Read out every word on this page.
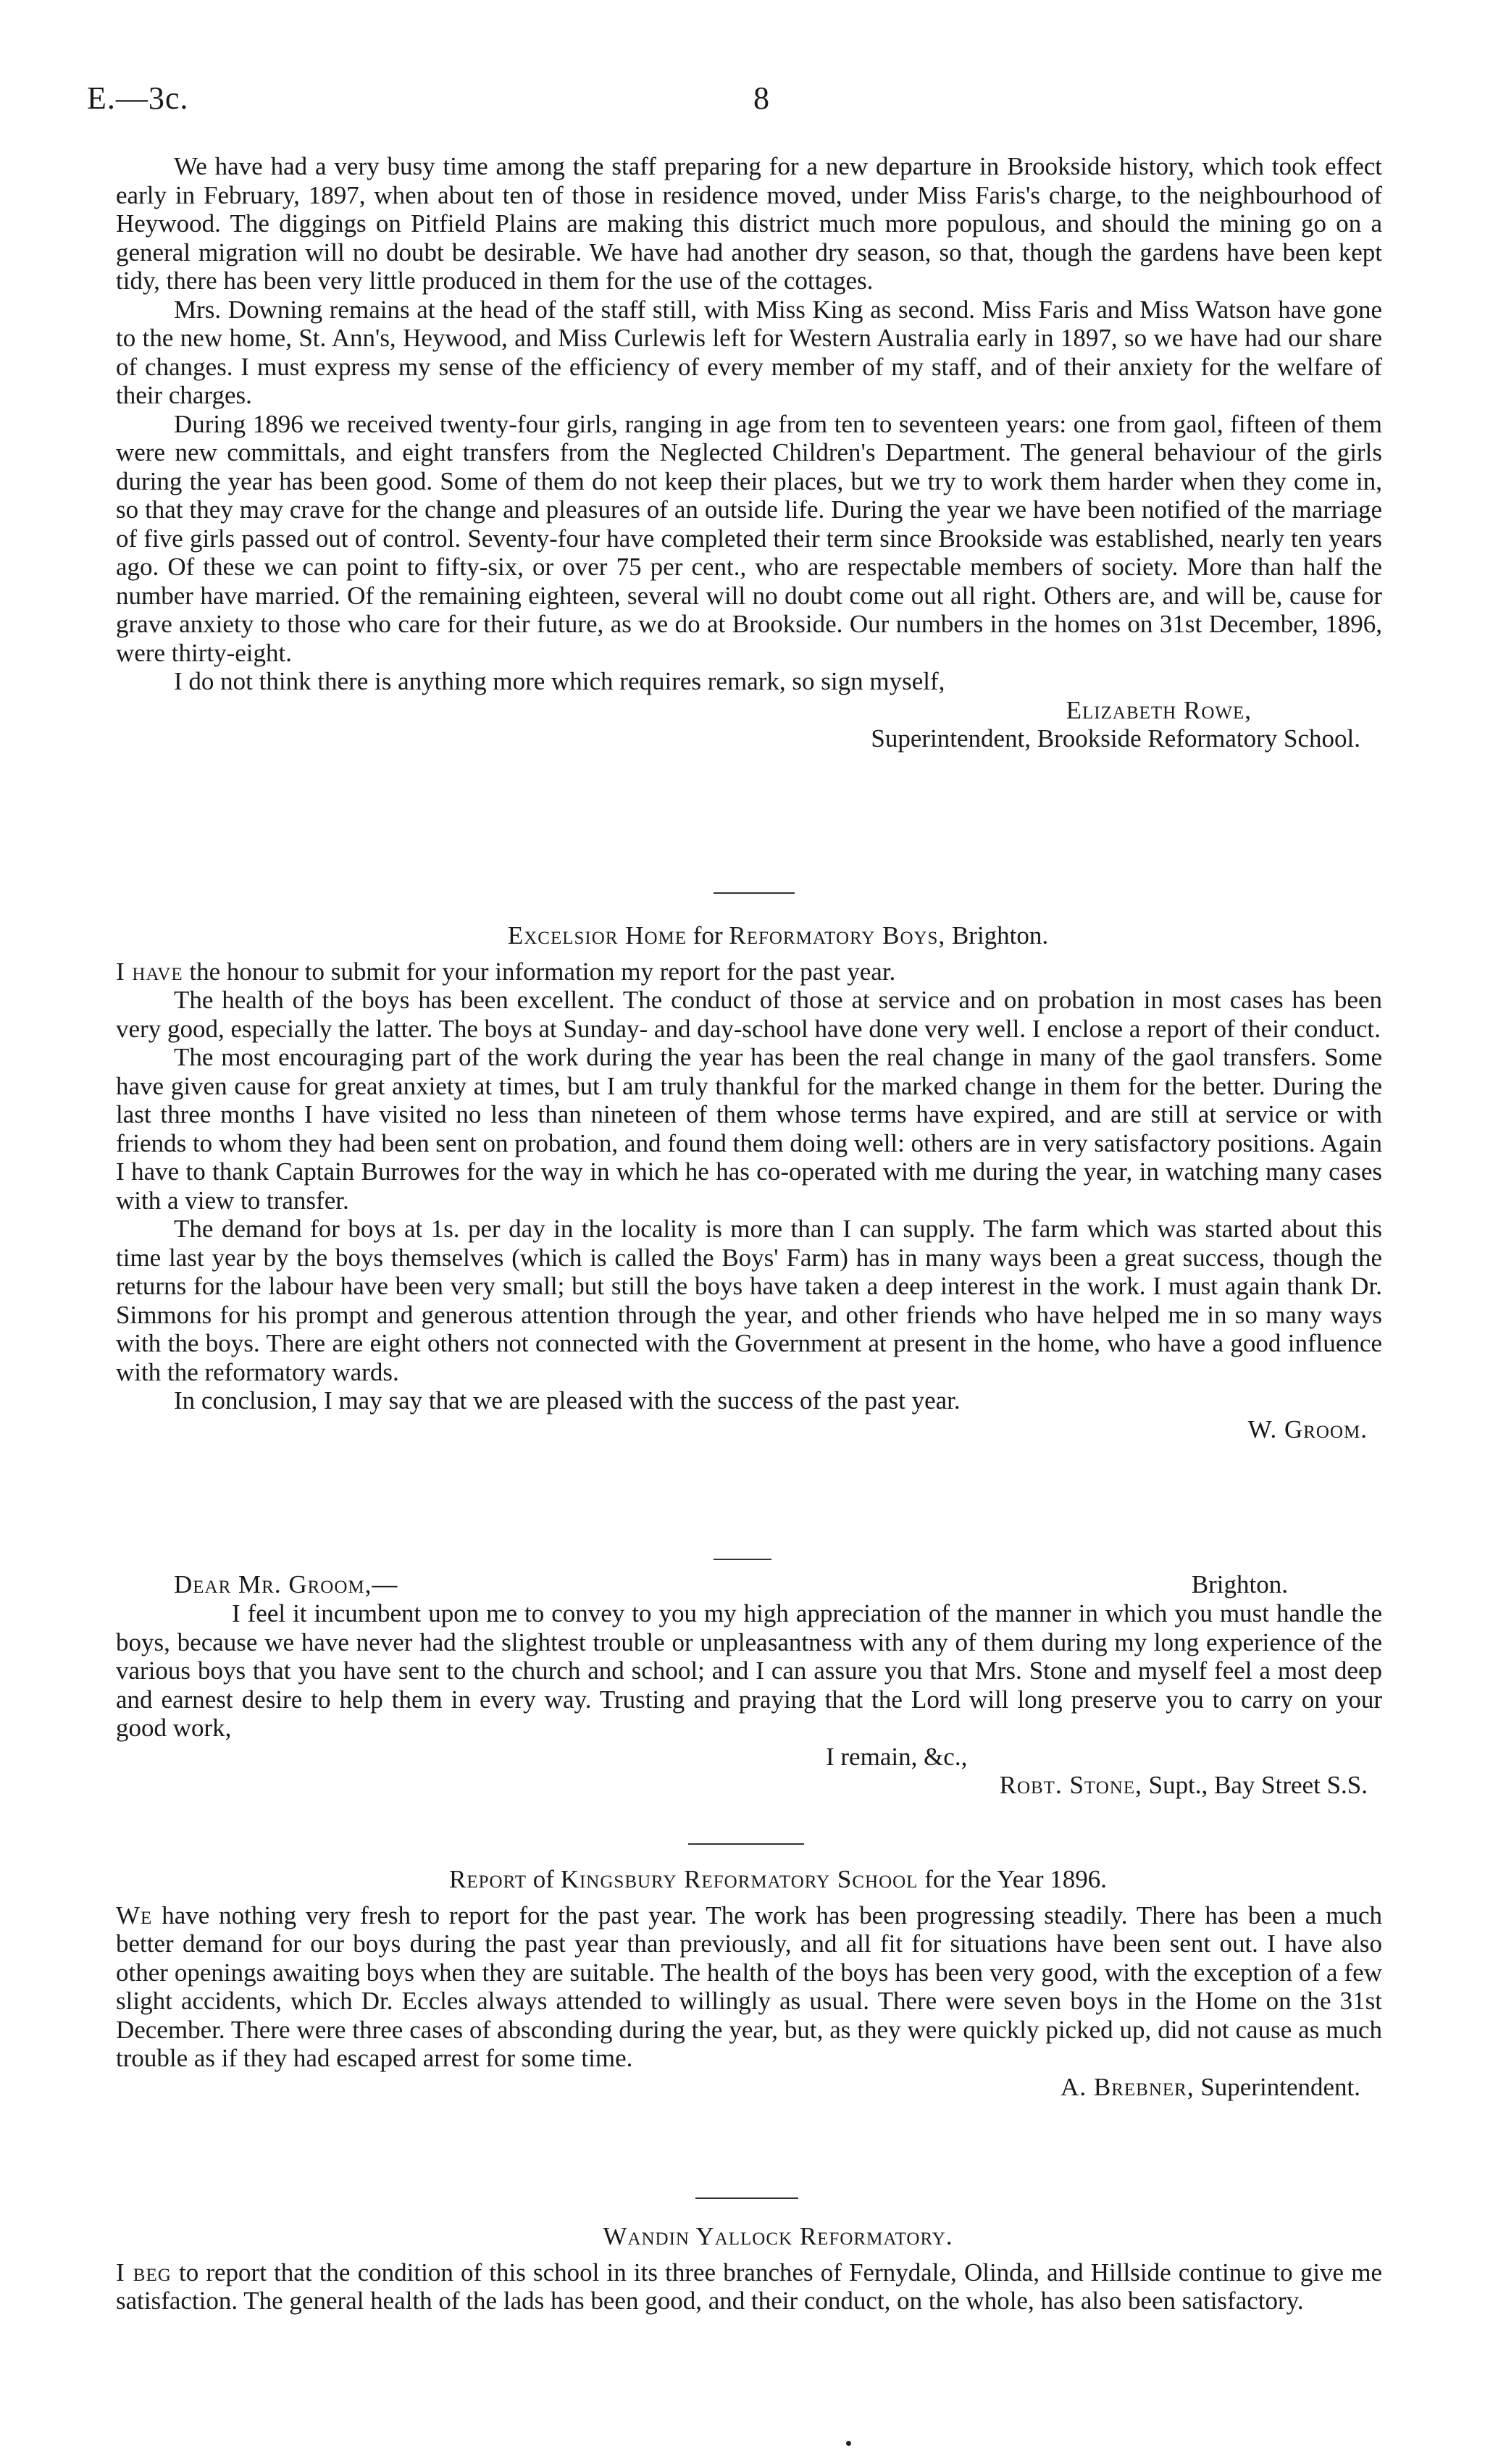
E.—3c.	8

We have had a very busy time among the staff preparing for a new departure in Brookside history, which took effect early in February, 1897, when about ten of those in residence moved, under Miss Faris's charge, to the neighbourhood of Heywood. The diggings on Pitfield Plains are making this district much more populous, and should the mining go on a general migration will no doubt be desirable. We have had another dry season, so that, though the gardens have been kept tidy, there has been very little produced in them for the use of the cottages.

Mrs. Downing remains at the head of the staff still, with Miss King as second. Miss Faris and Miss Watson have gone to the new home, St. Ann's, Heywood, and Miss Curlewis left for Western Australia early in 1897, so we have had our share of changes. I must express my sense of the efficiency of every member of my staff, and of their anxiety for the welfare of their charges.

During 1896 we received twenty-four girls, ranging in age from ten to seventeen years: one from gaol, fifteen of them were new committals, and eight transfers from the Neglected Children's Department. The general behaviour of the girls during the year has been good. Some of them do not keep their places, but we try to work them harder when they come in, so that they may crave for the change and pleasures of an outside life. During the year we have been notified of the marriage of five girls passed out of control. Seventy-four have completed their term since Brookside was established, nearly ten years ago. Of these we can point to fifty-six, or over 75 per cent., who are respectable members of society. More than half the number have married. Of the remaining eighteen, several will no doubt come out all right. Others are, and will be, cause for grave anxiety to those who care for their future, as we do at Brookside. Our numbers in the homes on 31st December, 1896, were thirty-eight.

I do not think there is anything more which requires remark, so sign myself,

Elizabeth Rowe,

Superintendent, Brookside Reformatory School.

Excelsior Home for Reformatory Boys, Brighton.

I have the honour to submit for your information my report for the past year.

The health of the boys has been excellent. The conduct of those at service and on probation in most cases has been very good, especially the latter. The boys at Sunday- and day-school have done very well. I enclose a report of their conduct.

The most encouraging part of the work during the year has been the real change in many of the gaol transfers. Some have given cause for great anxiety at times, but I am truly thankful for the marked change in them for the better. During the last three months I have visited no less than nineteen of them whose terms have expired, and are still at service or with friends to whom they had been sent on probation, and found them doing well: others are in very satisfactory positions. Again I have to thank Captain Burrowes for the way in which he has co-operated with me during the year, in watching many cases with a view to transfer.

The demand for boys at 1s. per day in the locality is more than I can supply. The farm which was started about this time last year by the boys themselves (which is called the Boys' Farm) has in many ways been a great success, though the returns for the labour have been very small; but still the boys have taken a deep interest in the work. I must again thank Dr. Simmons for his prompt and generous attention through the year, and other friends who have helped me in so many ways with the boys. There are eight others not connected with the Government at present in the home, who have a good influence with the reformatory wards.

In conclusion, I may say that we are pleased with the success of the past year.

W. Groom.

Dear Mr. Groom,—	Brighton.

I feel it incumbent upon me to convey to you my high appreciation of the manner in which you must handle the boys, because we have never had the slightest trouble or unpleasantness with any of them during my long experience of the various boys that you have sent to the church and school; and I can assure you that Mrs. Stone and myself feel a most deep and earnest desire to help them in every way. Trusting and praying that the Lord will long preserve you to carry on your good work,

I remain, &c.,

Robt. Stone, Supt., Bay Street S.S.

Report of Kingsbury Reformatory School for the Year 1896.

We have nothing very fresh to report for the past year. The work has been progressing steadily. There has been a much better demand for our boys during the past year than previously, and all fit for situations have been sent out. I have also other openings awaiting boys when they are suitable. The health of the boys has been very good, with the exception of a few slight accidents, which Dr. Eccles always attended to willingly as usual. There were seven boys in the Home on the 31st December. There were three cases of absconding during the year, but, as they were quickly picked up, did not cause as much trouble as if they had escaped arrest for some time.

A. Brebner, Superintendent.

Wandin Yallock Reformatory.

I beg to report that the condition of this school in its three branches of Fernydale, Olinda, and Hillside continue to give me satisfaction. The general health of the lads has been good, and their conduct, on the whole, has also been satisfactory.
